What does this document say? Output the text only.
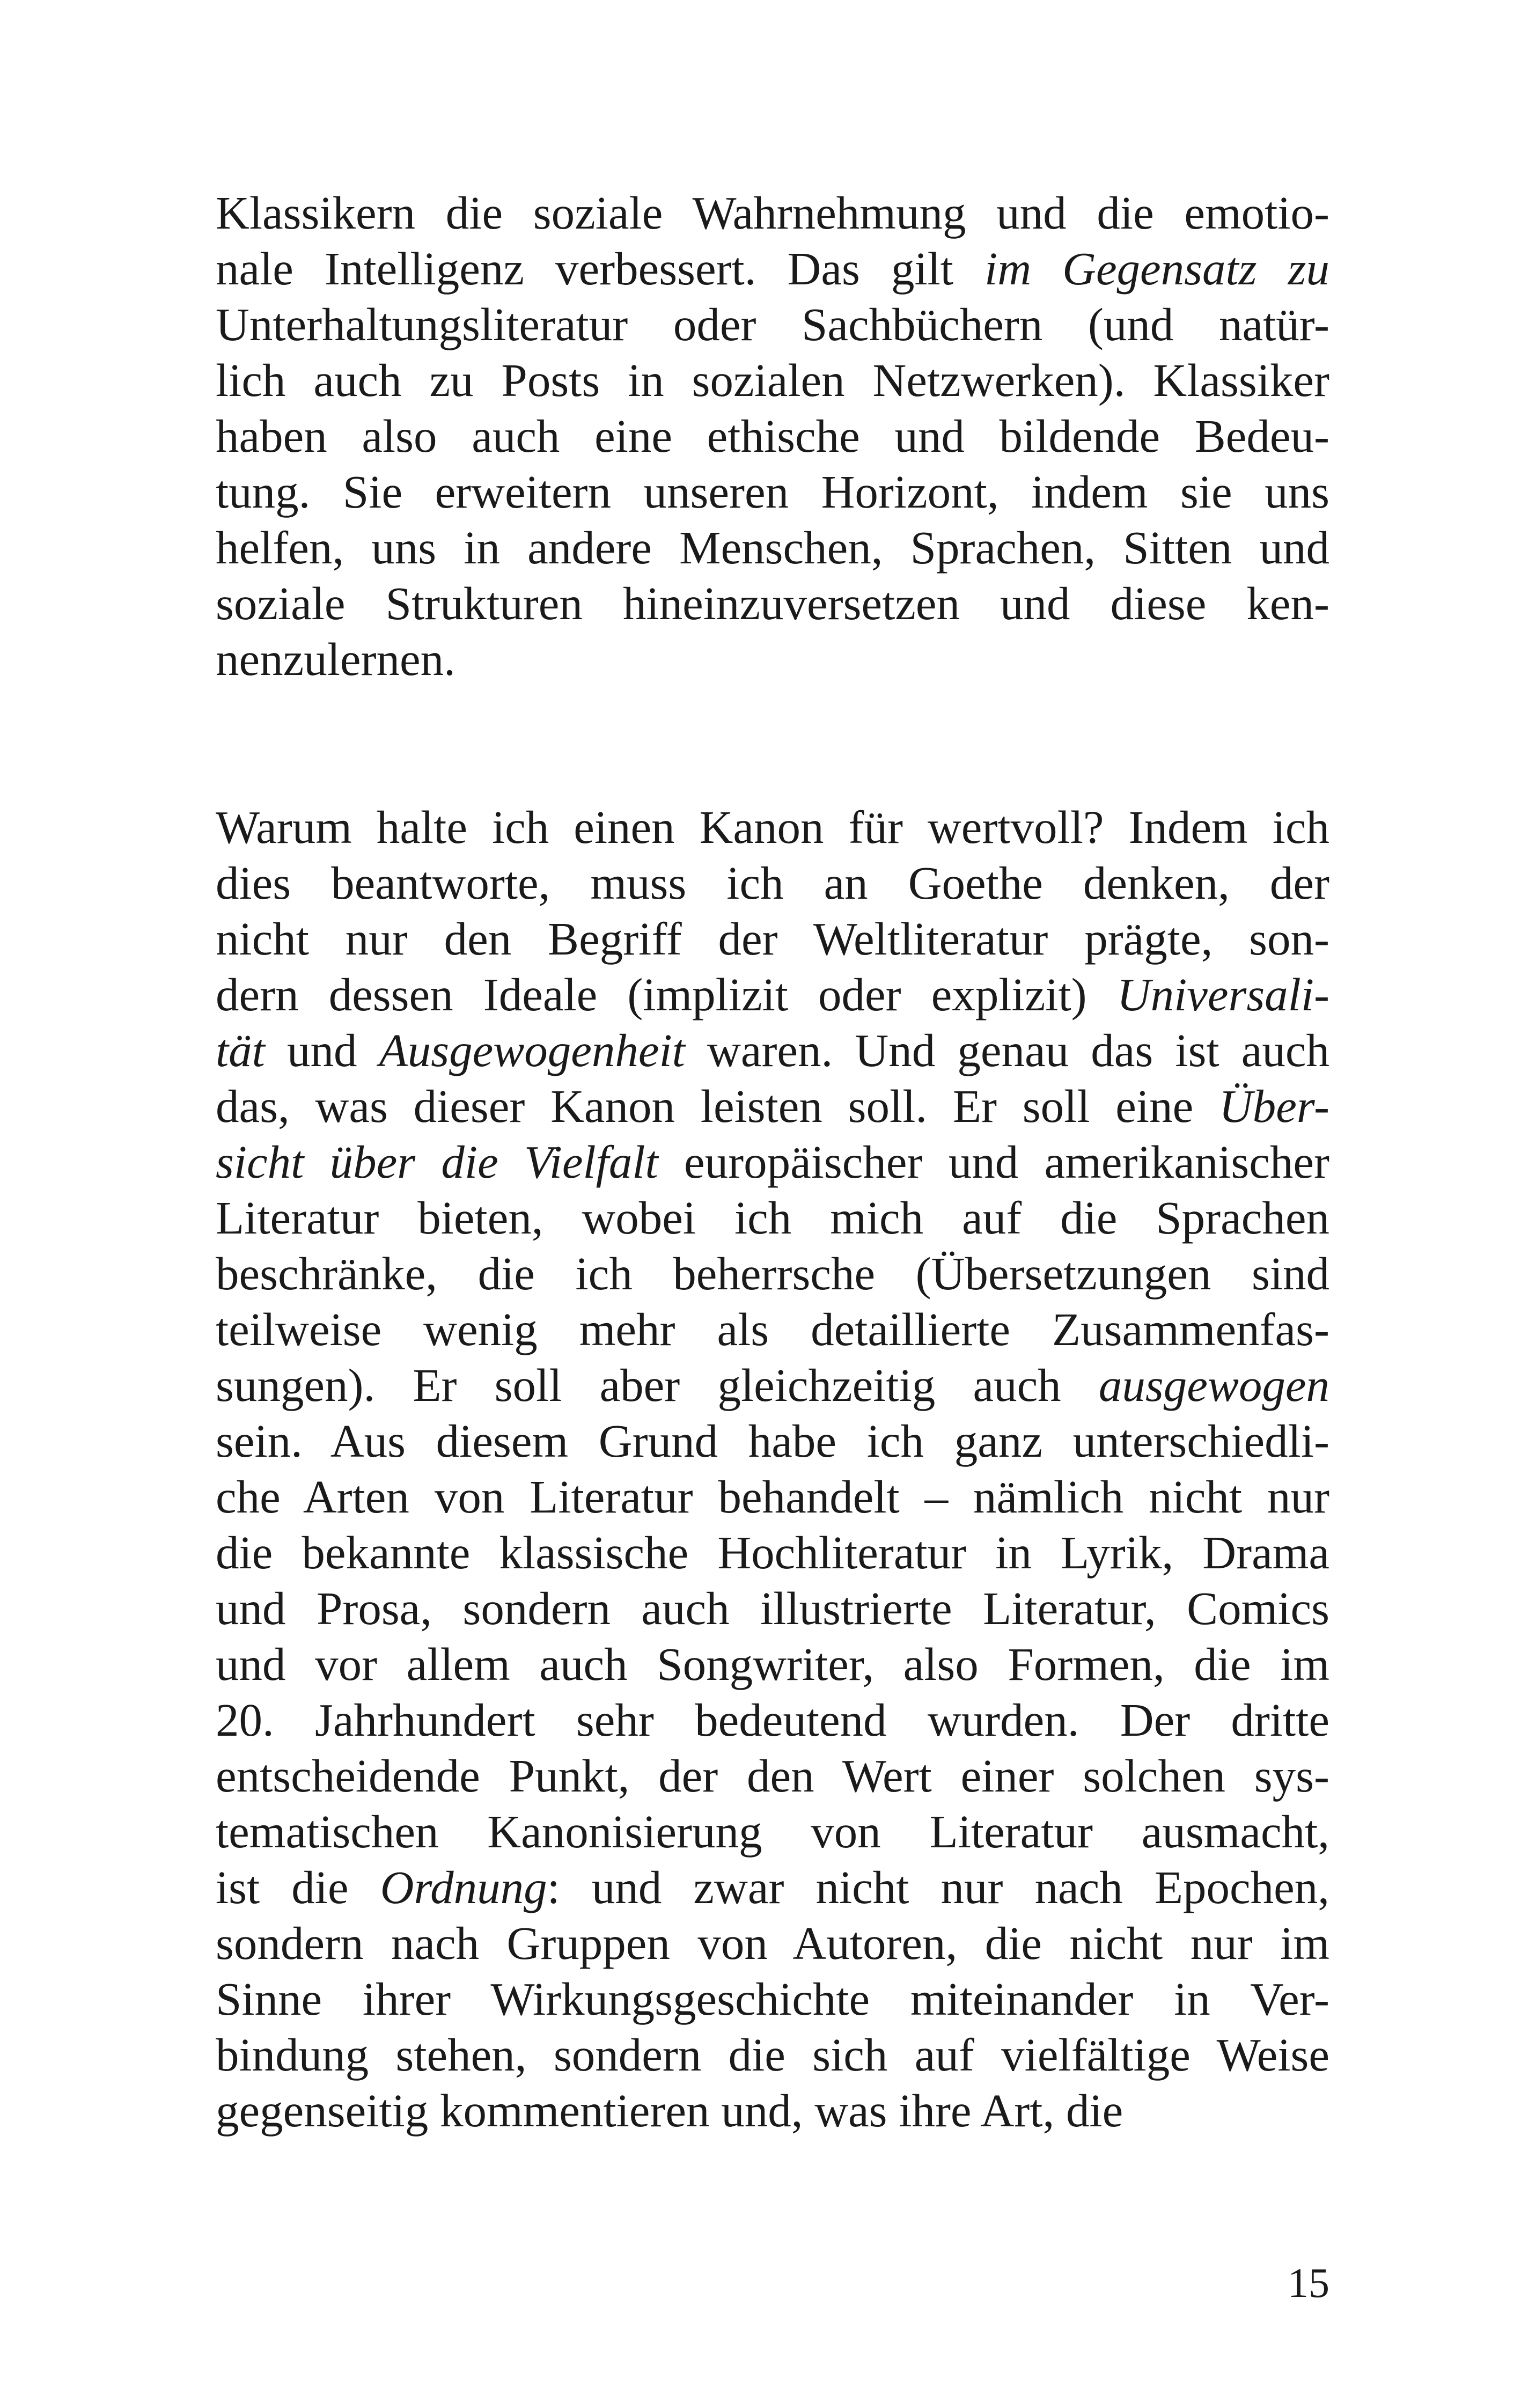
Klassikern die soziale Wahrnehmung und die emotio-
nale Intelligenz verbessert. Das gilt im Gegensatz zu
Unterhaltungsliteratur oder Sachbüchern (und natür-
lich auch zu Posts in sozialen Netzwerken). Klassiker
haben also auch eine ethische und bildende Bedeu-
tung. Sie erweitern unseren Horizont, indem sie uns
helfen, uns in andere Menschen, Sprachen, Sitten und
soziale Strukturen hineinzuversetzen und diese ken-
nenzulernen.
Warum halte ich einen Kanon für wertvoll? Indem ich
dies beantworte, muss ich an Goethe denken, der
nicht nur den Begriff der Weltliteratur prägte, son-
dern dessen Ideale (implizit oder explizit) Universali-
tät und Ausgewogenheit waren. Und genau das ist auch
das, was dieser Kanon leisten soll. Er soll eine Über-
sicht über die Vielfalt europäischer und amerikanischer
Literatur bieten, wobei ich mich auf die Sprachen
beschränke, die ich beherrsche (Übersetzungen sind
teilweise wenig mehr als detaillierte Zusammenfas-
sungen). Er soll aber gleichzeitig auch ausgewogen
sein. Aus diesem Grund habe ich ganz unterschiedli-
che Arten von Literatur behandelt – nämlich nicht nur
die bekannte klassische Hochliteratur in Lyrik, Drama
und Prosa, sondern auch illustrierte Literatur, Comics
und vor allem auch Songwriter, also Formen, die im
20. Jahrhundert sehr bedeutend wurden. Der dritte
entscheidende Punkt, der den Wert einer solchen sys-
tematischen Kanonisierung von Literatur ausmacht,
ist die Ordnung: und zwar nicht nur nach Epochen,
sondern nach Gruppen von Autoren, die nicht nur im
Sinne ihrer Wirkungsgeschichte miteinander in Ver-
bindung stehen, sondern die sich auf vielfältige Weise
gegenseitig kommentieren und, was ihre Art, die
15
